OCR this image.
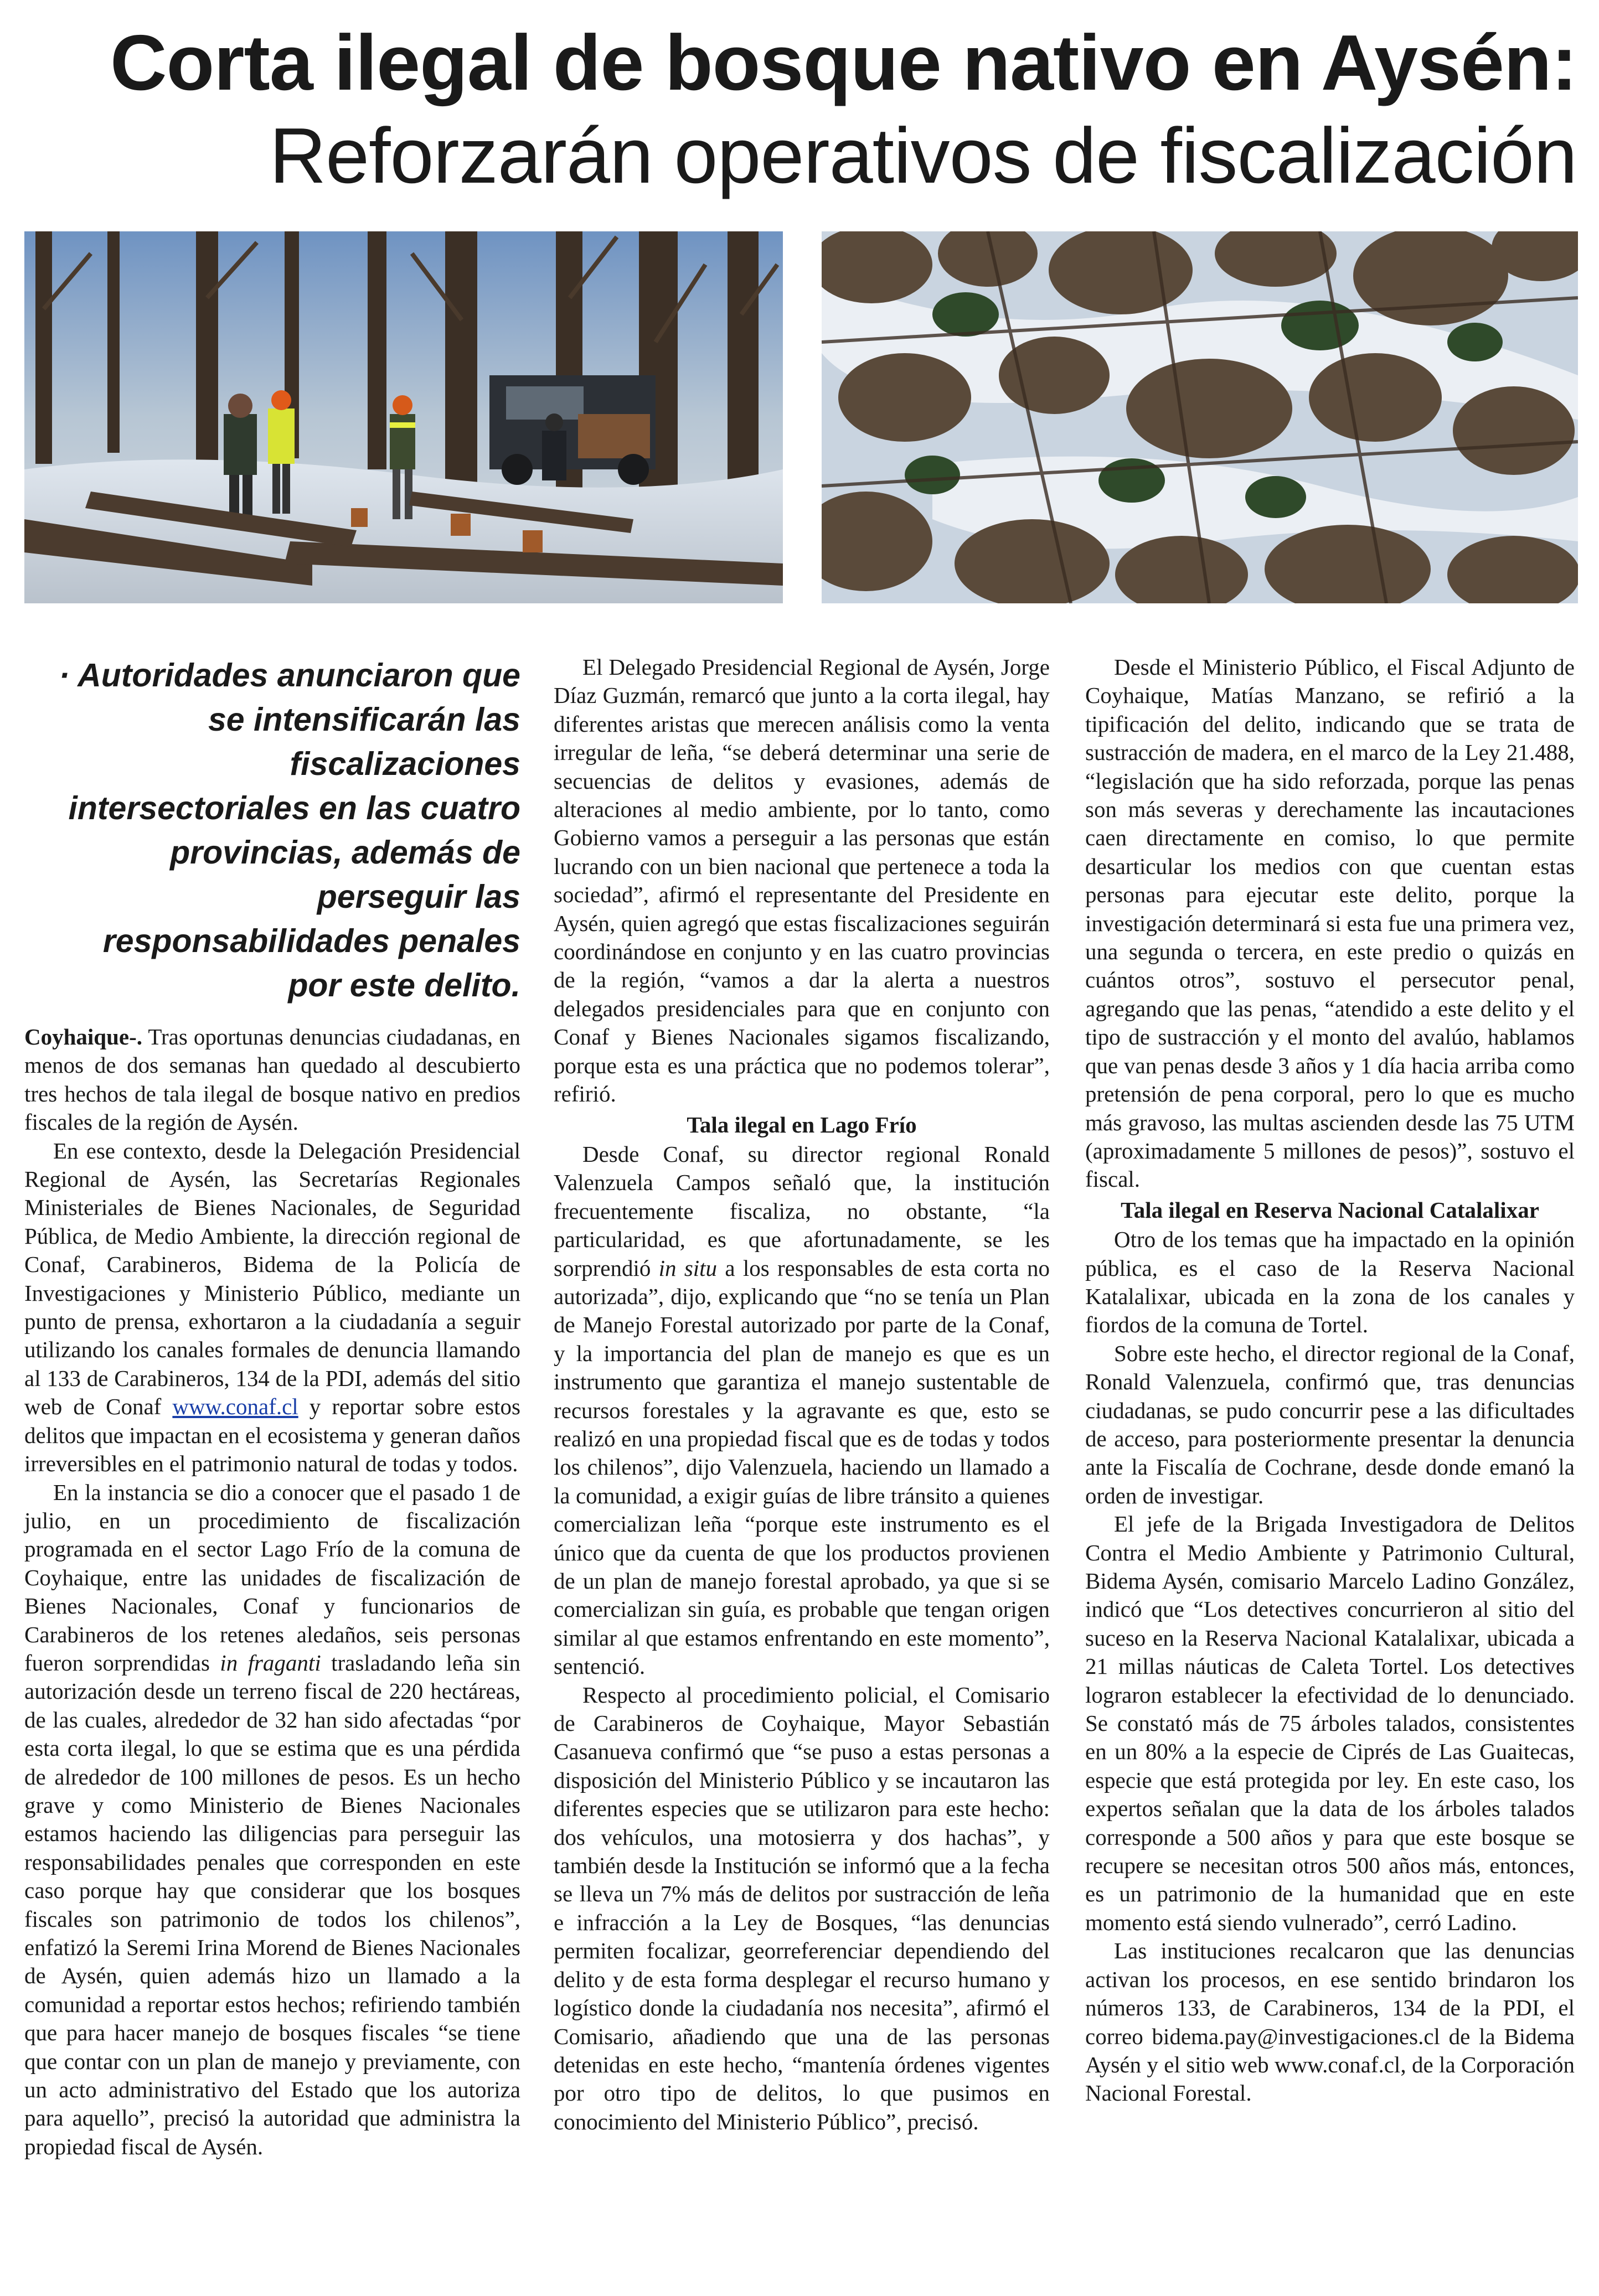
Corta ilegal de bosque nativo en Aysén:
Reforzarán operativos de fiscalización
· Autoridades anunciaron que se intensificarán las fiscalizaciones intersectoriales en las cuatro provincias, además de perseguir las responsabilidades penales por este delito.

Coyhaique-. Tras oportunas denuncias ciudadanas, en menos de dos semanas han quedado al descubierto tres hechos de tala ilegal de bosque nativo en predios fiscales de la región de Aysén.

En ese contexto, desde la Delegación Presidencial Regional de Aysén, las Secretarías Regionales Ministeriales de Bienes Nacionales, de Seguridad Pública, de Medio Ambiente, la dirección regional de Conaf, Carabineros, Bidema de la Policía de Investigaciones y Ministerio Público, mediante un punto de prensa, exhortaron a la ciudadanía a seguir utilizando los canales formales de denuncia llamando al 133 de Carabineros, 134 de la PDI, además del sitio web de Conaf www.conaf.cl y reportar sobre estos delitos que impactan en el ecosistema y generan daños irreversibles en el patrimonio natural de todas y todos.

En la instancia se dio a conocer que el pasado 1 de julio, en un procedimiento de fiscalización programada en el sector Lago Frío de la comuna de Coyhaique, entre las unidades de fiscalización de Bienes Nacionales, Conaf y funcionarios de Carabineros de los retenes aledaños, seis personas fueron sorprendidas in fraganti trasladando leña sin autorización desde un terreno fiscal de 220 hectáreas, de las cuales, alrededor de 32 han sido afectadas “por esta corta ilegal, lo que se estima que es una pérdida de alrededor de 100 millones de pesos. Es un hecho grave y como Ministerio de Bienes Nacionales estamos haciendo las diligencias para perseguir las responsabilidades penales que corresponden en este caso porque hay que considerar que los bosques fiscales son patrimonio de todos los chilenos”, enfatizó la Seremi Irina Morend de Bienes Nacionales de Aysén, quien además hizo un llamado a la comunidad a reportar estos hechos; refiriendo también que para hacer manejo de bosques fiscales “se tiene que contar con un plan de manejo y previamente, con un acto administrativo del Estado que los autoriza para aquello”, precisó la autoridad que administra la propiedad fiscal de Aysén.

El Delegado Presidencial Regional de Aysén, Jorge Díaz Guzmán, remarcó que junto a la corta ilegal, hay diferentes aristas que merecen análisis como la venta irregular de leña, “se deberá determinar una serie de secuencias de delitos y evasiones, además de alteraciones al medio ambiente, por lo tanto, como Gobierno vamos a perseguir a las personas que están lucrando con un bien nacional que pertenece a toda la sociedad”, afirmó el representante del Presidente en Aysén, quien agregó que estas fiscalizaciones seguirán coordinándose en conjunto y en las cuatro provincias de la región, “vamos a dar la alerta a nuestros delegados presidenciales para que en conjunto con Conaf y Bienes Nacionales sigamos fiscalizando, porque esta es una práctica que no podemos tolerar”, refirió.

Tala ilegal en Lago Frío

Desde Conaf, su director regional Ronald Valenzuela Campos señaló que, la institución frecuentemente fiscaliza, no obstante, “la particularidad, es que afortunadamente, se les sorprendió in situ a los responsables de esta corta no autorizada”, dijo, explicando que “no se tenía un Plan de Manejo Forestal autorizado por parte de la Conaf, y la importancia del plan de manejo es que es un instrumento que garantiza el manejo sustentable de recursos forestales y la agravante es que, esto se realizó en una propiedad fiscal que es de todas y todos los chilenos”, dijo Valenzuela, haciendo un llamado a la comunidad, a exigir guías de libre tránsito a quienes comercializan leña “porque este instrumento es el único que da cuenta de que los productos provienen de un plan de manejo forestal aprobado, ya que si se comercializan sin guía, es probable que tengan origen similar al que estamos enfrentando en este momento”, sentenció.

Respecto al procedimiento policial, el Comisario de Carabineros de Coyhaique, Mayor Sebastián Casanueva confirmó que “se puso a estas personas a disposición del Ministerio Público y se incautaron las diferentes especies que se utilizaron para este hecho: dos vehículos, una motosierra y dos hachas”, y también desde la Institución se informó que a la fecha se lleva un 7% más de delitos por sustracción de leña e infracción a la Ley de Bosques, “las denuncias permiten focalizar, georreferenciar dependiendo del delito y de esta forma desplegar el recurso humano y logístico donde la ciudadanía nos necesita”, afirmó el Comisario, añadiendo que una de las personas detenidas en este hecho, “mantenía órdenes vigentes por otro tipo de delitos, lo que pusimos en conocimiento del Ministerio Público”, precisó.

Desde el Ministerio Público, el Fiscal Adjunto de Coyhaique, Matías Manzano, se refirió a la tipificación del delito, indicando que se trata de sustracción de madera, en el marco de la Ley 21.488, “legislación que ha sido reforzada, porque las penas son más severas y derechamente las incautaciones caen directamente en comiso, lo que permite desarticular los medios con que cuentan estas personas para ejecutar este delito, porque la investigación determinará si esta fue una primera vez, una segunda o tercera, en este predio o quizás en cuántos otros”, sostuvo el persecutor penal, agregando que las penas, “atendido a este delito y el tipo de sustracción y el monto del avalúo, hablamos que van penas desde 3 años y 1 día hacia arriba como pretensión de pena corporal, pero lo que es mucho más gravoso, las multas ascienden desde las 75 UTM (aproximadamente 5 millones de pesos)”, sostuvo el fiscal.

Tala ilegal en Reserva Nacional Catalalixar

Otro de los temas que ha impactado en la opinión pública, es el caso de la Reserva Nacional Katalalixar, ubicada en la zona de los canales y fiordos de la comuna de Tortel.

Sobre este hecho, el director regional de la Conaf, Ronald Valenzuela, confirmó que, tras denuncias ciudadanas, se pudo concurrir pese a las dificultades de acceso, para posteriormente presentar la denuncia ante la Fiscalía de Cochrane, desde donde emanó la orden de investigar.

El jefe de la Brigada Investigadora de Delitos Contra el Medio Ambiente y Patrimonio Cultural, Bidema Aysén, comisario Marcelo Ladino González, indicó que “Los detectives concurrieron al sitio del suceso en la Reserva Nacional Katalalixar, ubicada a 21 millas náuticas de Caleta Tortel. Los detectives lograron establecer la efectividad de lo denunciado. Se constató más de 75 árboles talados, consistentes en un 80% a la especie de Ciprés de Las Guaitecas, especie que está protegida por ley. En este caso, los expertos señalan que la data de los árboles talados corresponde a 500 años y para que este bosque se recupere se necesitan otros 500 años más, entonces, es un patrimonio de la humanidad que en este momento está siendo vulnerado”, cerró Ladino.

Las instituciones recalcaron que las denuncias activan los procesos, en ese sentido brindaron los números 133, de Carabineros, 134 de la PDI, el correo bidema.pay@investigaciones.cl de la Bidema Aysén y el sitio web www.conaf.cl, de la Corporación Nacional Forestal.
